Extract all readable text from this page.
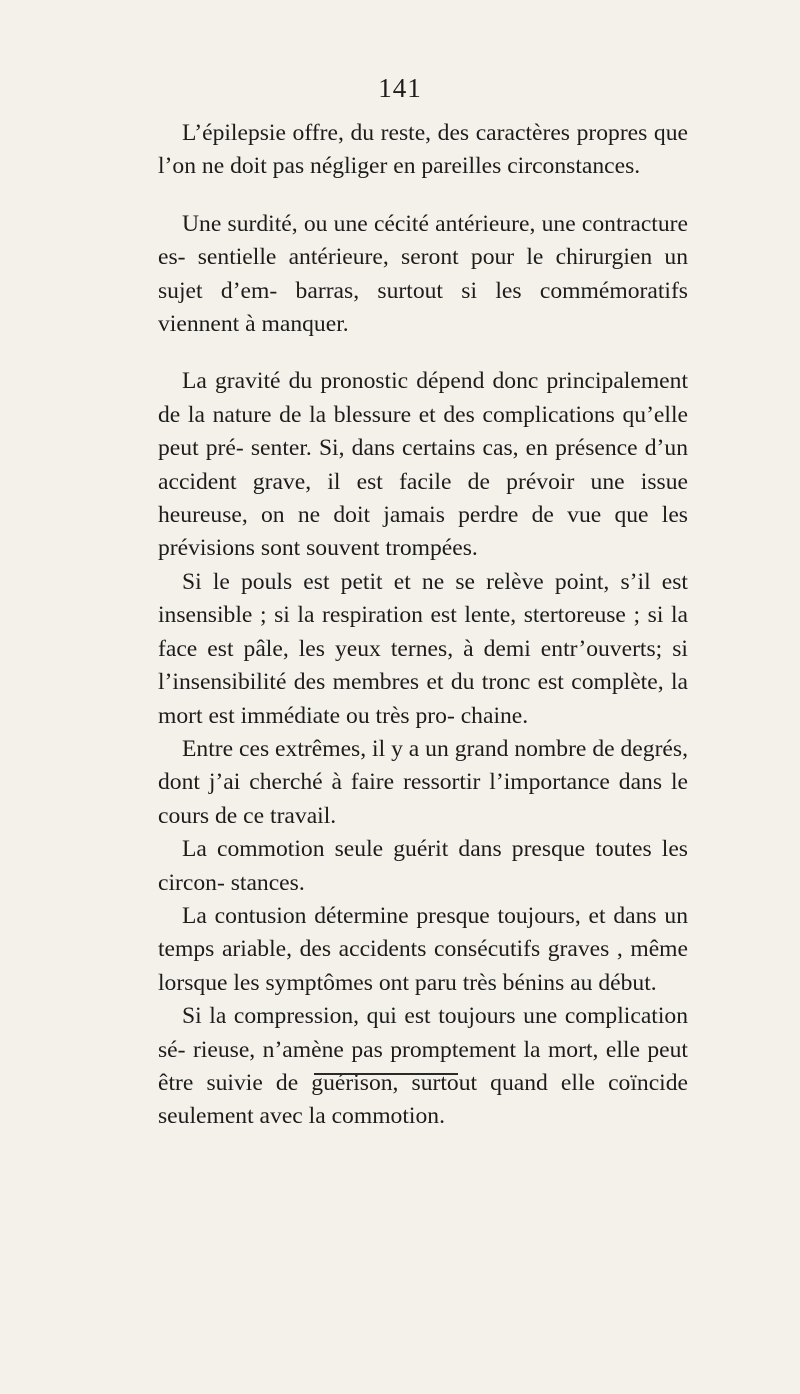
141

L’épilepsie offre, du reste, des caractères propres que l’on ne doit pas négliger en pareilles circonstances.

Une surdité, ou une cécité antérieure, une contracture es- sentielle antérieure, seront pour le chirurgien un sujet d’em- barras, surtout si les commémoratifs viennent à manquer.

La gravité du pronostic dépend donc principalement de la nature de la blessure et des complications qu’elle peut pré- senter. Si, dans certains cas, en présence d’un accident grave, il est facile de prévoir une issue heureuse, on ne doit jamais perdre de vue que les prévisions sont souvent trompées.

Si le pouls est petit et ne se relève point, s’il est insensible ; si la respiration est lente, stertoreuse ; si la face est pâle, les yeux ternes, à demi entr’ouverts; si l’insensibilité des membres et du tronc est complète, la mort est immédiate ou très pro- chaine.

Entre ces extrêmes, il y a un grand nombre de degrés, dont j’ai cherché à faire ressortir l’importance dans le cours de ce travail.

La commotion seule guérit dans presque toutes les circon- stances.

La contusion détermine presque toujours, et dans un temps ariable, des accidents consécutifs graves , même lorsque les symptômes ont paru très bénins au début.

Si la compression, qui est toujours une complication sé- rieuse, n’amène pas promptement la mort, elle peut être suivie de guérison, surtout quand elle coïncide seulement avec la commotion.
